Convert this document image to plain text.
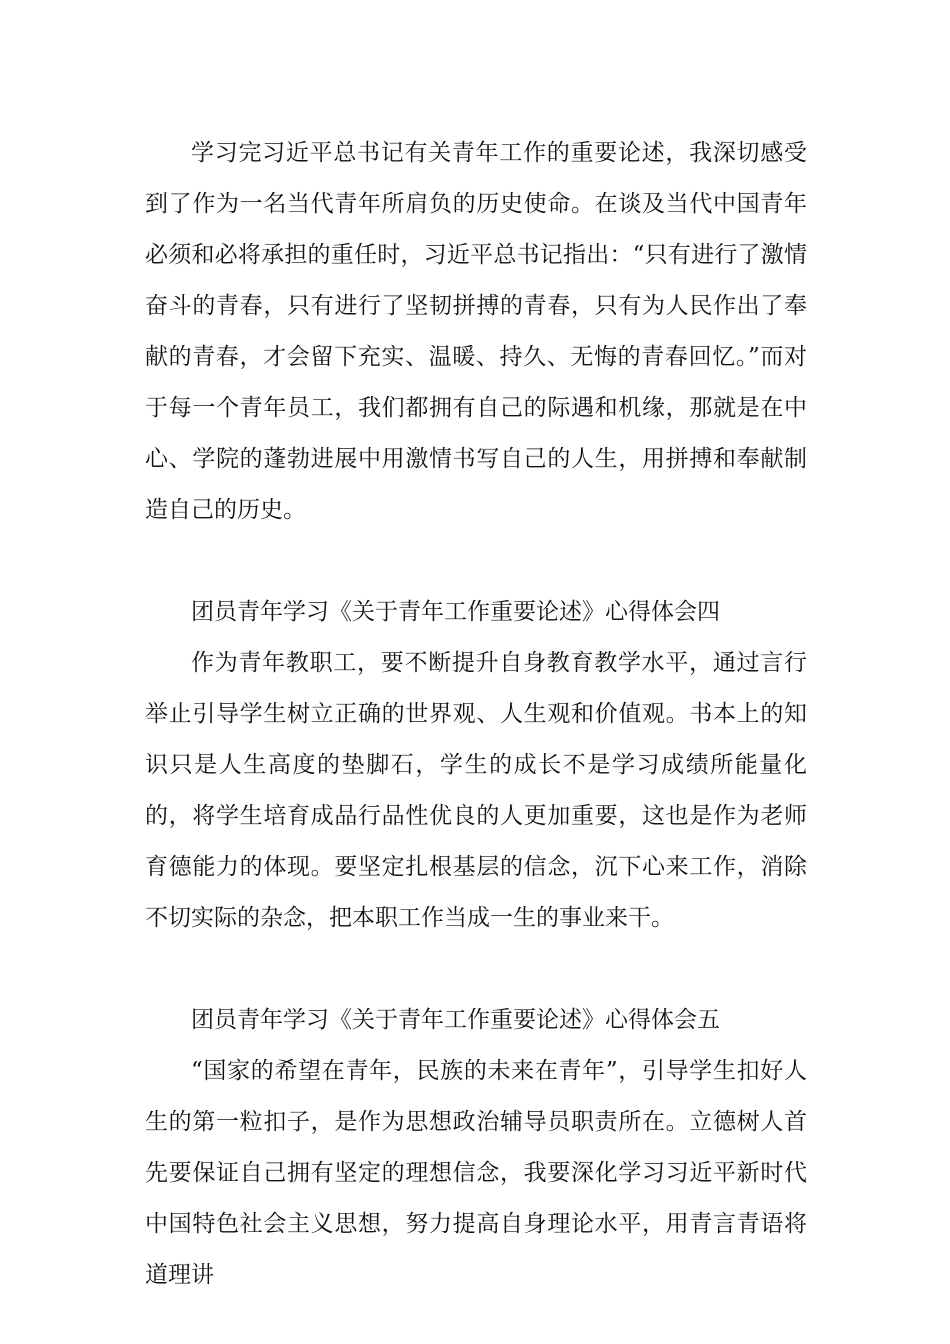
学习完习近平总书记有关青年工作的重要论述，我深切感受到了作为一名当代青年所肩负的历史使命。在谈及当代中国青年必须和必将承担的重任时，习近平总书记指出：“只有进行了激情奋斗的青春，只有进行了坚韧拼搏的青春，只有为人民作出了奉献的青春，才会留下充实、温暖、持久、无悔的青春回忆。”而对于每一个青年员工，我们都拥有自己的际遇和机缘，那就是在中心、学院的蓬勃进展中用激情书写自己的人生，用拼搏和奉献制造自己的历史。

团员青年学习《关于青年工作重要论述》心得体会四

作为青年教职工，要不断提升自身教育教学水平，通过言行举止引导学生树立正确的世界观、人生观和价值观。书本上的知识只是人生高度的垫脚石，学生的成长不是学习成绩所能量化的，将学生培育成品行品性优良的人更加重要，这也是作为老师育德能力的体现。要坚定扎根基层的信念，沉下心来工作，消除不切实际的杂念，把本职工作当成一生的事业来干。

团员青年学习《关于青年工作重要论述》心得体会五

“国家的希望在青年，民族的未来在青年”，引导学生扣好人生的第一粒扣子，是作为思想政治辅导员职责所在。立德树人首先要保证自己拥有坚定的理想信念，我要深化学习习近平新时代中国特色社会主义思想，努力提高自身理论水平，用青言青语将道理讲
